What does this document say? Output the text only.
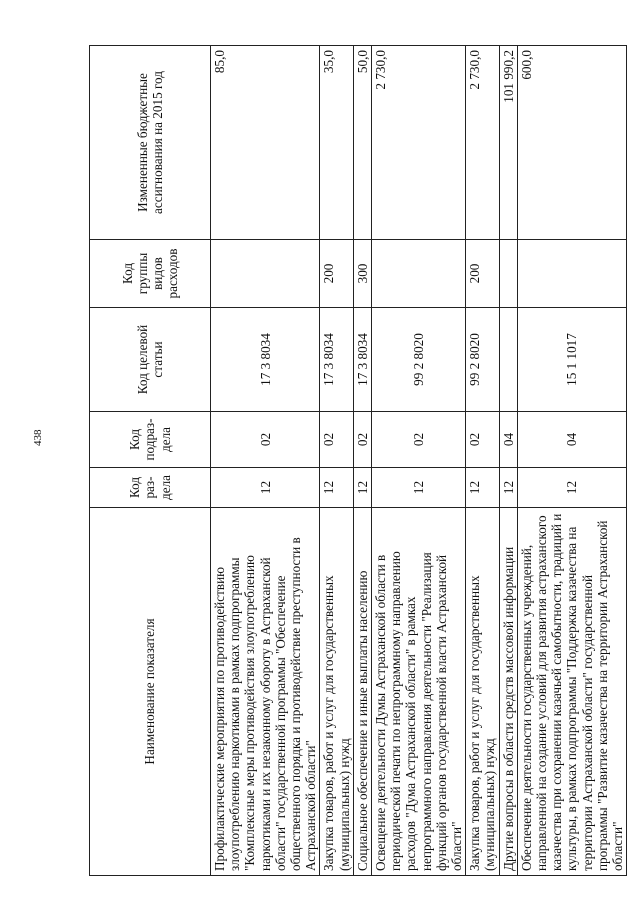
438
Наименование показателя	Код раз- дела	Код подраз- дела	Код целевой статьи	Код группы видов расходов	Измененные бюджетные ассигнования на 2015 год
Профилактические мероприятия по противодействию злоупотреблению наркотиками в рамках подпрограммы "Комплексные меры противодействия злоупотреблению наркотиками и их незаконному обороту в Астраханской области" государственной программы "Обеспечение общественного порядка и противодействие преступности в Астраханской области"	12	02	17 3 8034		85,0
Закупка товаров, работ и услуг для государственных (муниципальных) нужд	12	02	17 3 8034	200	35,0
Социальное обеспечение и иные выплаты населению	12	02	17 3 8034	300	50,0
Освещение деятельности Думы Астраханской области в периодической печати по непрограммному направлению расходов "Дума Астраханской области" в рамках непрограммного направления деятельности "Реализация функций органов государственной власти Астраханской области"	12	02	99 2 8020		2 730,0
Закупка товаров, работ и услуг для государственных (муниципальных) нужд	12	02	99 2 8020	200	2 730,0
Другие вопросы в области средств массовой информации	12	04			101 990,2
Обеспечение деятельности государственных учреждений, направленной на создание условий для развития астраханского казачества при сохранении казачьей самобытности, традиций и культуры, в рамках подпрограммы "Поддержка казачества на территории Астраханской области" государственной программы "Развитие казачества на территории Астраханской области"	12	04	15 1 1017		600,0
